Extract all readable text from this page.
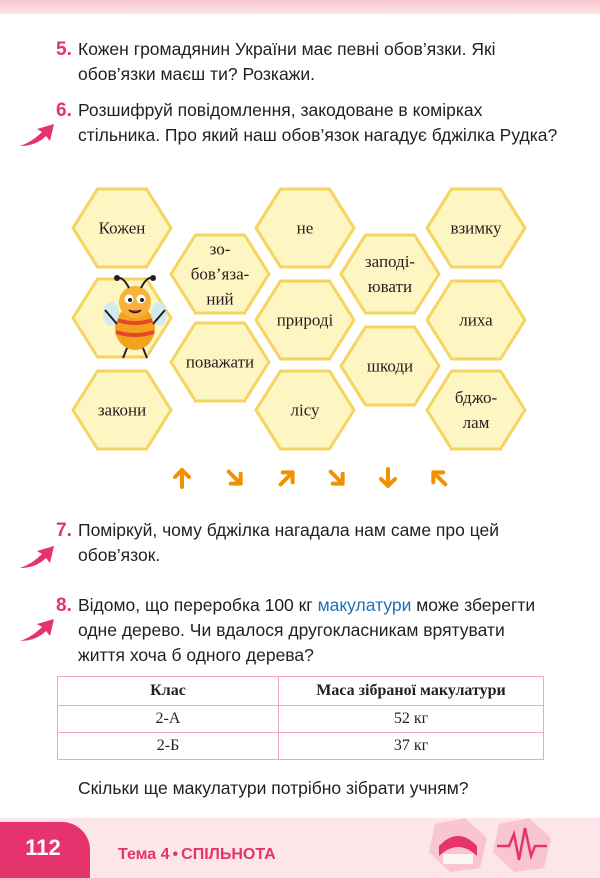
5. Кожен громадянин України має певні обов’язки. Які обов’язки маєш ти? Розкажи.
6. Розшифруй повідомлення, закодоване в комірках стільника. Про який наш обов’язок нагадує бджілка Рудка?
Кожен
зо-
бов’яза-
ний
не
заподі-
ювати
взимку
природі	лиха
поважати	шкоди
закони	лісу
бджо-
лам
7. Поміркуй, чому бджілка нагадала нам саме про цей обов’язок.
8. Відомо, що переробка 100 кг макулатури може зберегти одне дерево. Чи вдалося другокласникам врятувати життя хоча б одного дерева?
Клас	Маса зібраної макулатури
2-А	52 кг
2-Б	37 кг
Скільки ще макулатури потрібно зібрати учням?
112	Тема 4 • СПІЛЬНОТА
